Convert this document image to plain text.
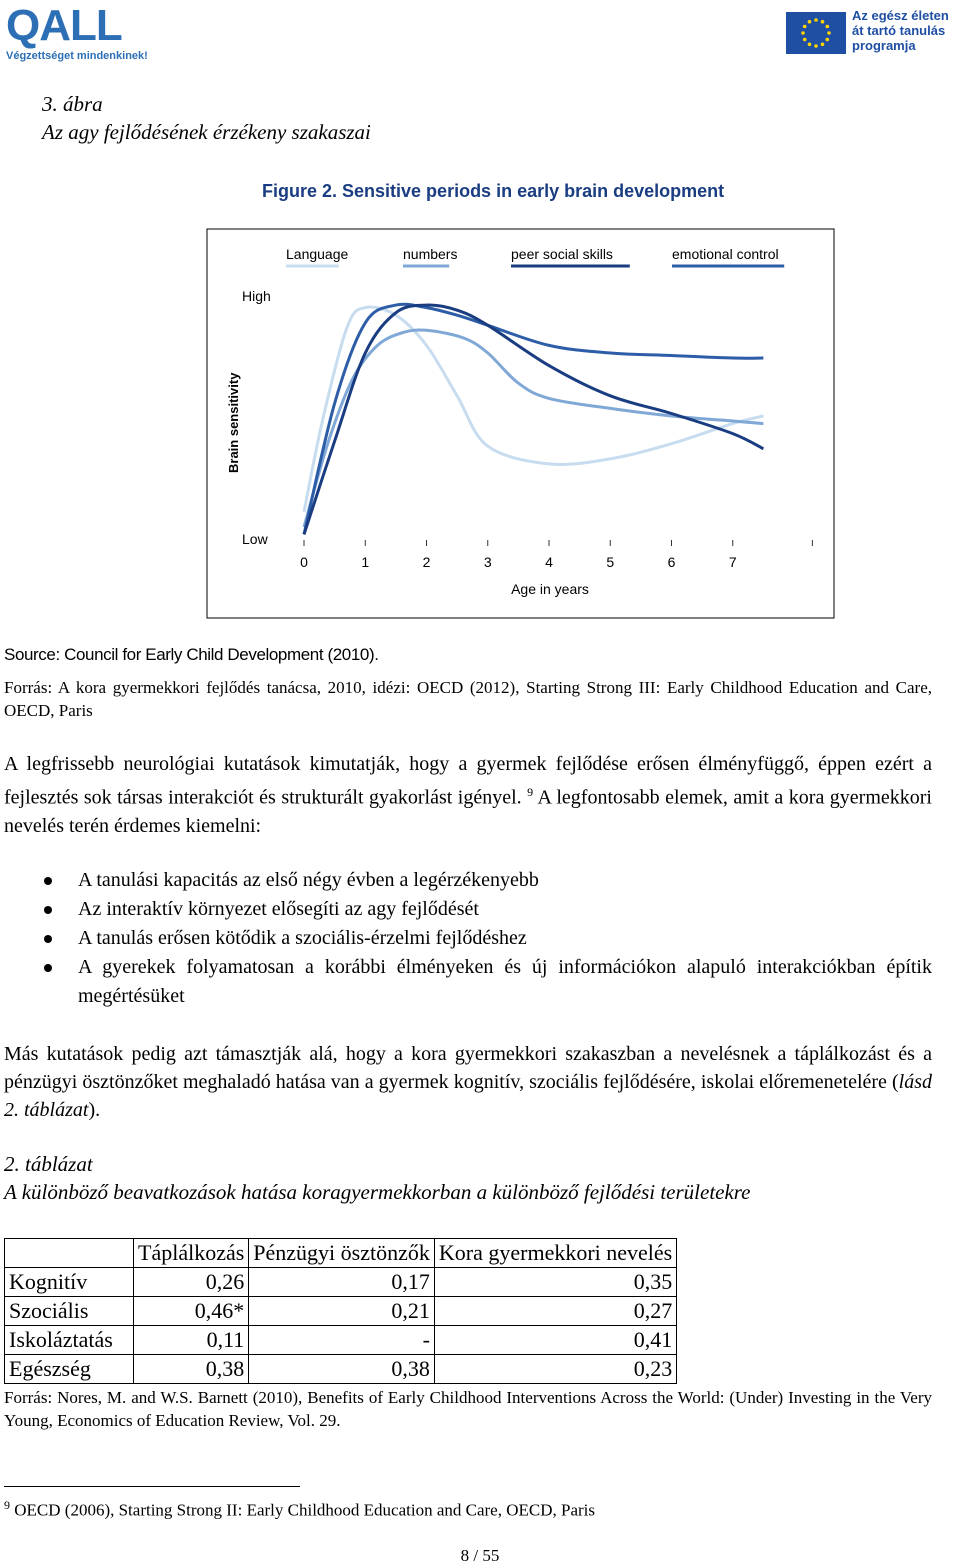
QALL
Végzettséget mindenkinek!
Az egész életen
át tartó tanulás
programja
3. ábra
Az agy fejlődésének érzékeny szakaszai
Figure 2. Sensitive periods in early brain development
Language	numbers	peer social skills	emotional control
High
Low
Brain sensitivity
0	1	2	3	4	5	6	7
Age in years
Source: Council for Early Child Development (2010).
Forrás: A kora gyermekkori fejlődés tanácsa, 2010, idézi: OECD (2012), Starting Strong III: Early Childhood Education and Care, OECD, Paris
A legfrissebb neurológiai kutatások kimutatják, hogy a gyermek fejlődése erősen élményfüggő, éppen ezért a fejlesztés sok társas interakciót és strukturált gyakorlást igényel. $^9$ A legfontosabb elemek, amit a kora gyermekkori nevelés terén érdemes kiemelni:
A tanulási kapacitás az első négy évben a legérzékenyebb
Az interaktív környezet elősegíti az agy fejlődését
A tanulás erősen kötődik a szociális-érzelmi fejlődéshez
A gyerekek folyamatosan a korábbi élményeken és új információkon alapuló interakciókban építik megértésüket
Más kutatások pedig azt támasztják alá, hogy a kora gyermekkori szakaszban a nevelésnek a táplálkozást és a pénzügyi ösztönzőket meghaladó hatása van a gyermek kognitív, szociális fejlődésére, iskolai előremenetelére (lásd 2. táblázat).
2. táblázat
A különböző beavatkozások hatása koragyermekkorban a különböző fejlődési területekre
	Táplálkozás	Pénzügyi ösztönzők	Kora gyermekkori nevelés
Kognitív	0,26	0,17	0,35
Szociális	0,46*	0,21	0,27
Iskoláztatás	0,11	-	0,41
Egészség	0,38	0,38	0,23
Forrás: Nores, M. and W.S. Barnett (2010), Benefits of Early Childhood Interventions Across the World: (Under) Investing in the Very Young, Economics of Education Review, Vol. 29.
$^9$ OECD (2006), Starting Strong II: Early Childhood Education and Care, OECD, Paris
8 / 55
